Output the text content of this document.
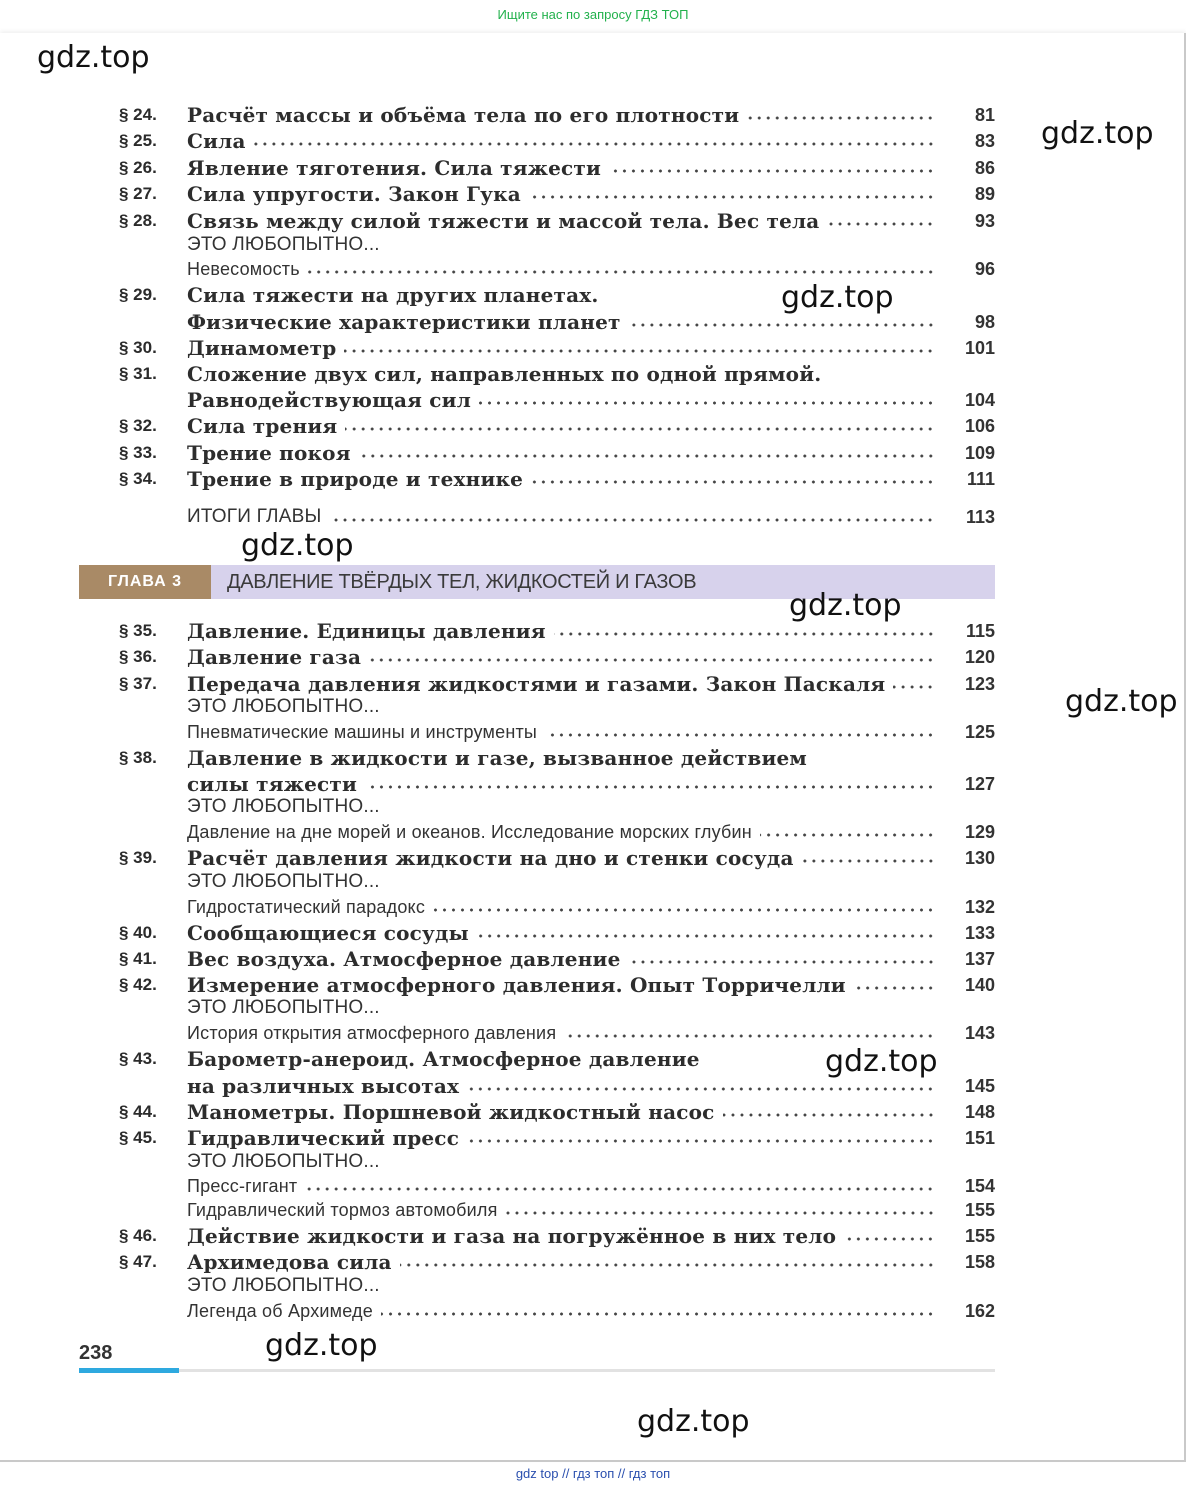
Ищите нас по запросу ГДЗ ТОП
§ 24. Расчёт массы и объёма тела по его плотности	81
§ 25. Сила	83
§ 26. Явление тяготения. Сила тяжести	86
§ 27. Сила упругости. Закон Гука	89
§ 28. Связь между силой тяжести и массой тела. Вес тела	93
ЭТО ЛЮБОПЫТНО...
Невесомость	96
§ 29. Сила тяжести на других планетах.
Физические характеристики планет	98
§ 30. Динамометр	101
§ 31. Сложение двух сил, направленных по одной прямой.
Равнодействующая сил	104
§ 32. Сила трения	106
§ 33. Трение покоя	109
§ 34. Трение в природе и технике	111
ИТОГИ ГЛАВЫ	113
ГЛАВА 3	ДАВЛЕНИЕ ТВЁРДЫХ ТЕЛ, ЖИДКОСТЕЙ И ГАЗОВ
§ 35. Давление. Единицы давления	115
§ 36. Давление газа	120
§ 37. Передача давления жидкостями и газами. Закон Паскаля	123
ЭТО ЛЮБОПЫТНО...
Пневматические машины и инструменты	125
§ 38. Давление в жидкости и газе, вызванное действием
силы тяжести	127
ЭТО ЛЮБОПЫТНО...
Давление на дне морей и океанов. Исследование морских глубин	129
§ 39. Расчёт давления жидкости на дно и стенки сосуда	130
ЭТО ЛЮБОПЫТНО...
Гидростатический парадокс	132
§ 40. Сообщающиеся сосуды	133
§ 41. Вес воздуха. Атмосферное давление	137
§ 42. Измерение атмосферного давления. Опыт Торричелли	140
ЭТО ЛЮБОПЫТНО...
История открытия атмосферного давления	143
§ 43. Барометр-анероид. Атмосферное давление
на различных высотах	145
§ 44. Манометры. Поршневой жидкостный насос	148
§ 45. Гидравлический пресс	151
ЭТО ЛЮБОПЫТНО...
Пресс-гигант	154
Гидравлический тормоз автомобиля	155
§ 46. Действие жидкости и газа на погружённое в них тело	155
§ 47. Архимедова сила	158
ЭТО ЛЮБОПЫТНО...
Легенда об Архимеде	162
238
gdz.top
gdz.top
gdz.top
gdz.top
gdz.top
gdz.top
gdz.top
gdz.top
gdz.top
gdz top // гдз топ // гдз топ
